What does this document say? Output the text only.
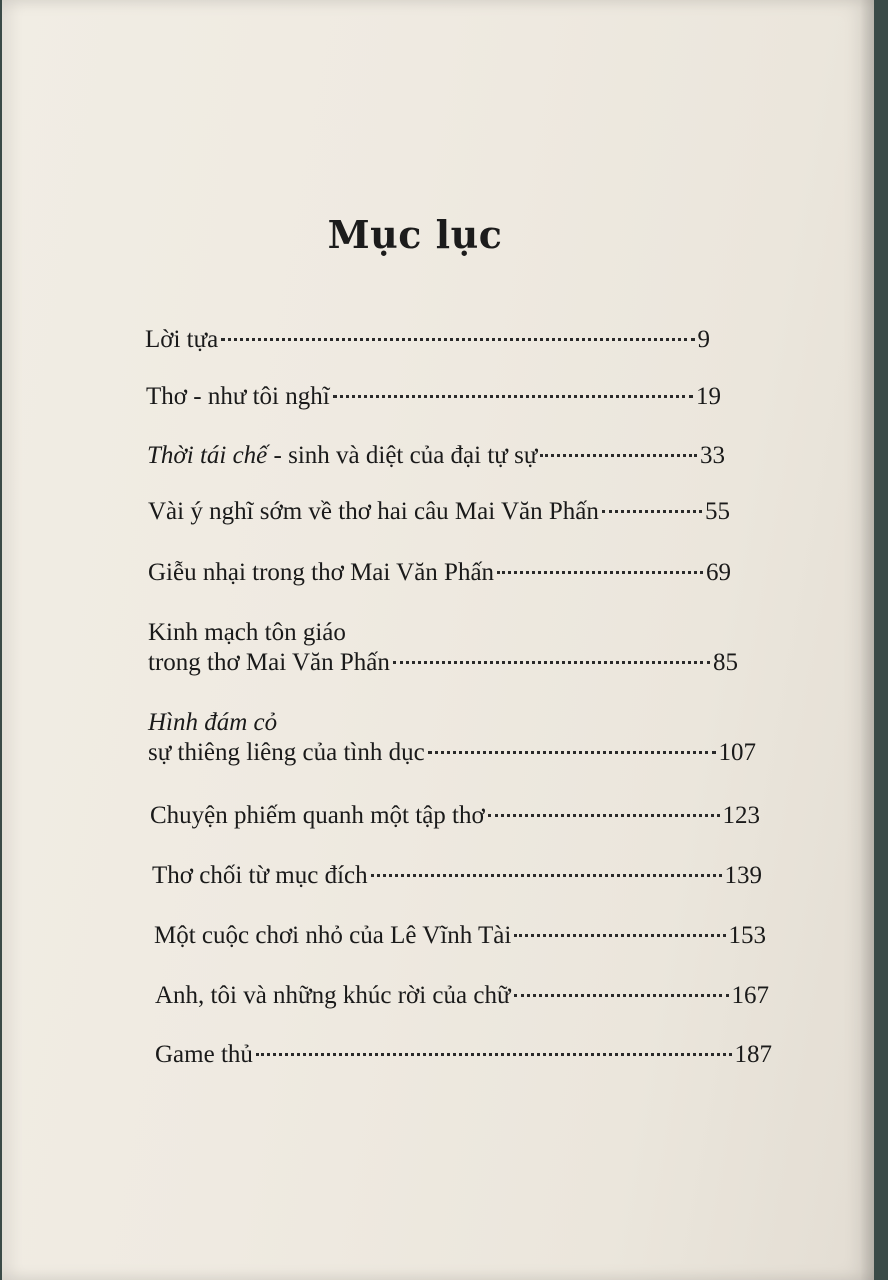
Mục lục
Lời tựa	9
Thơ - như tôi nghĩ	19
Thời tái chế - sinh và diệt của đại tự sự	33
Vài ý nghĩ sớm về thơ hai câu Mai Văn Phấn	55
Giễu nhại trong thơ Mai Văn Phấn	69
Kinh mạch tôn giáo
trong thơ Mai Văn Phấn	85
Hình đám cỏ
sự thiêng liêng của tình dục	107
Chuyện phiếm quanh một tập thơ	123
Thơ chối từ mục đích	139
Một cuộc chơi nhỏ của Lê Vĩnh Tài	153
Anh, tôi và những khúc rời của chữ	167
Game thủ	187
